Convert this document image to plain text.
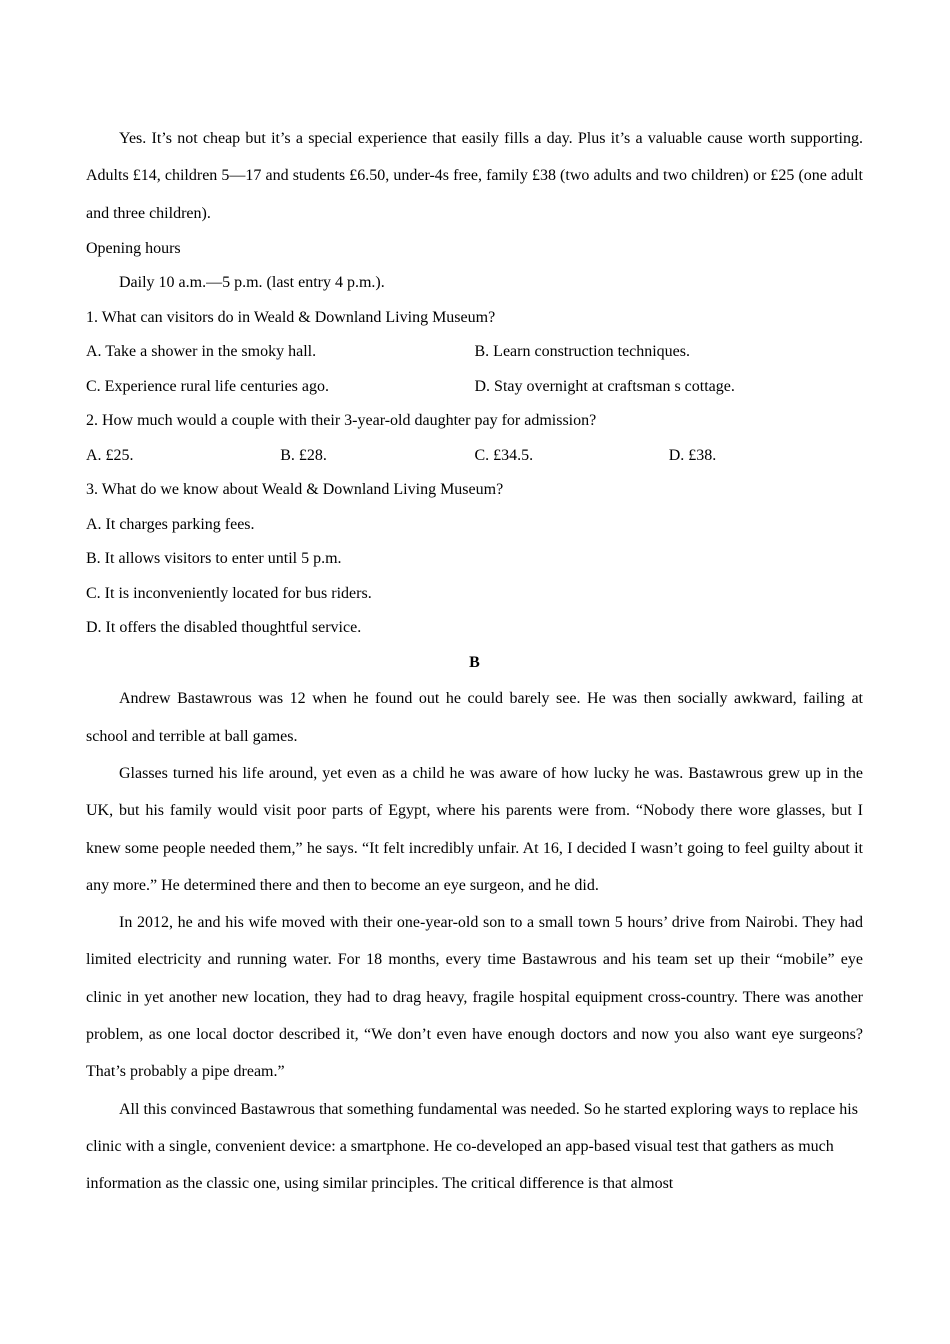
Yes. It’s not cheap but it’s a special experience that easily fills a day. Plus it’s a valuable cause worth supporting. Adults £14, children 5—17 and students £6.50, under-4s free, family £38 (two adults and two children) or £25 (one adult and three children).

Opening hours

Daily 10 a.m.—5 p.m. (last entry 4 p.m.).

1. What can visitors do in Weald & Downland Living Museum?

A. Take a shower in the smoky hall.	B. Learn construction techniques.
C. Experience rural life centuries ago.	D. Stay overnight at craftsman s cottage.

2. How much would a couple with their 3-year-old daughter pay for admission?

A. £25.	B. £28.	C. £34.5.	D. £38.

3. What do we know about Weald & Downland Living Museum?

A. It charges parking fees.

B. It allows visitors to enter until 5 p.m.

C. It is inconveniently located for bus riders.

D. It offers the disabled thoughtful service.

B

Andrew Bastawrous was 12 when he found out he could barely see. He was then socially awkward, failing at school and terrible at ball games.

Glasses turned his life around, yet even as a child he was aware of how lucky he was. Bastawrous grew up in the UK, but his family would visit poor parts of Egypt, where his parents were from. “Nobody there wore glasses, but I knew some people needed them,” he says. “It felt incredibly unfair. At 16, I decided I wasn’t going to feel guilty about it any more.” He determined there and then to become an eye surgeon, and he did.

In 2012, he and his wife moved with their one-year-old son to a small town 5 hours’ drive from Nairobi. They had limited electricity and running water. For 18 months, every time Bastawrous and his team set up their “mobile” eye clinic in yet another new location, they had to drag heavy, fragile hospital equipment cross-country. There was another problem, as one local doctor described it, “We don’t even have enough doctors and now you also want eye surgeons? That’s probably a pipe dream.”

All this convinced Bastawrous that something fundamental was needed. So he started exploring ways to replace his clinic with a single, convenient device: a smartphone. He co-developed an app-based visual test that gathers as much information as the classic one, using similar principles. The critical difference is that almost
